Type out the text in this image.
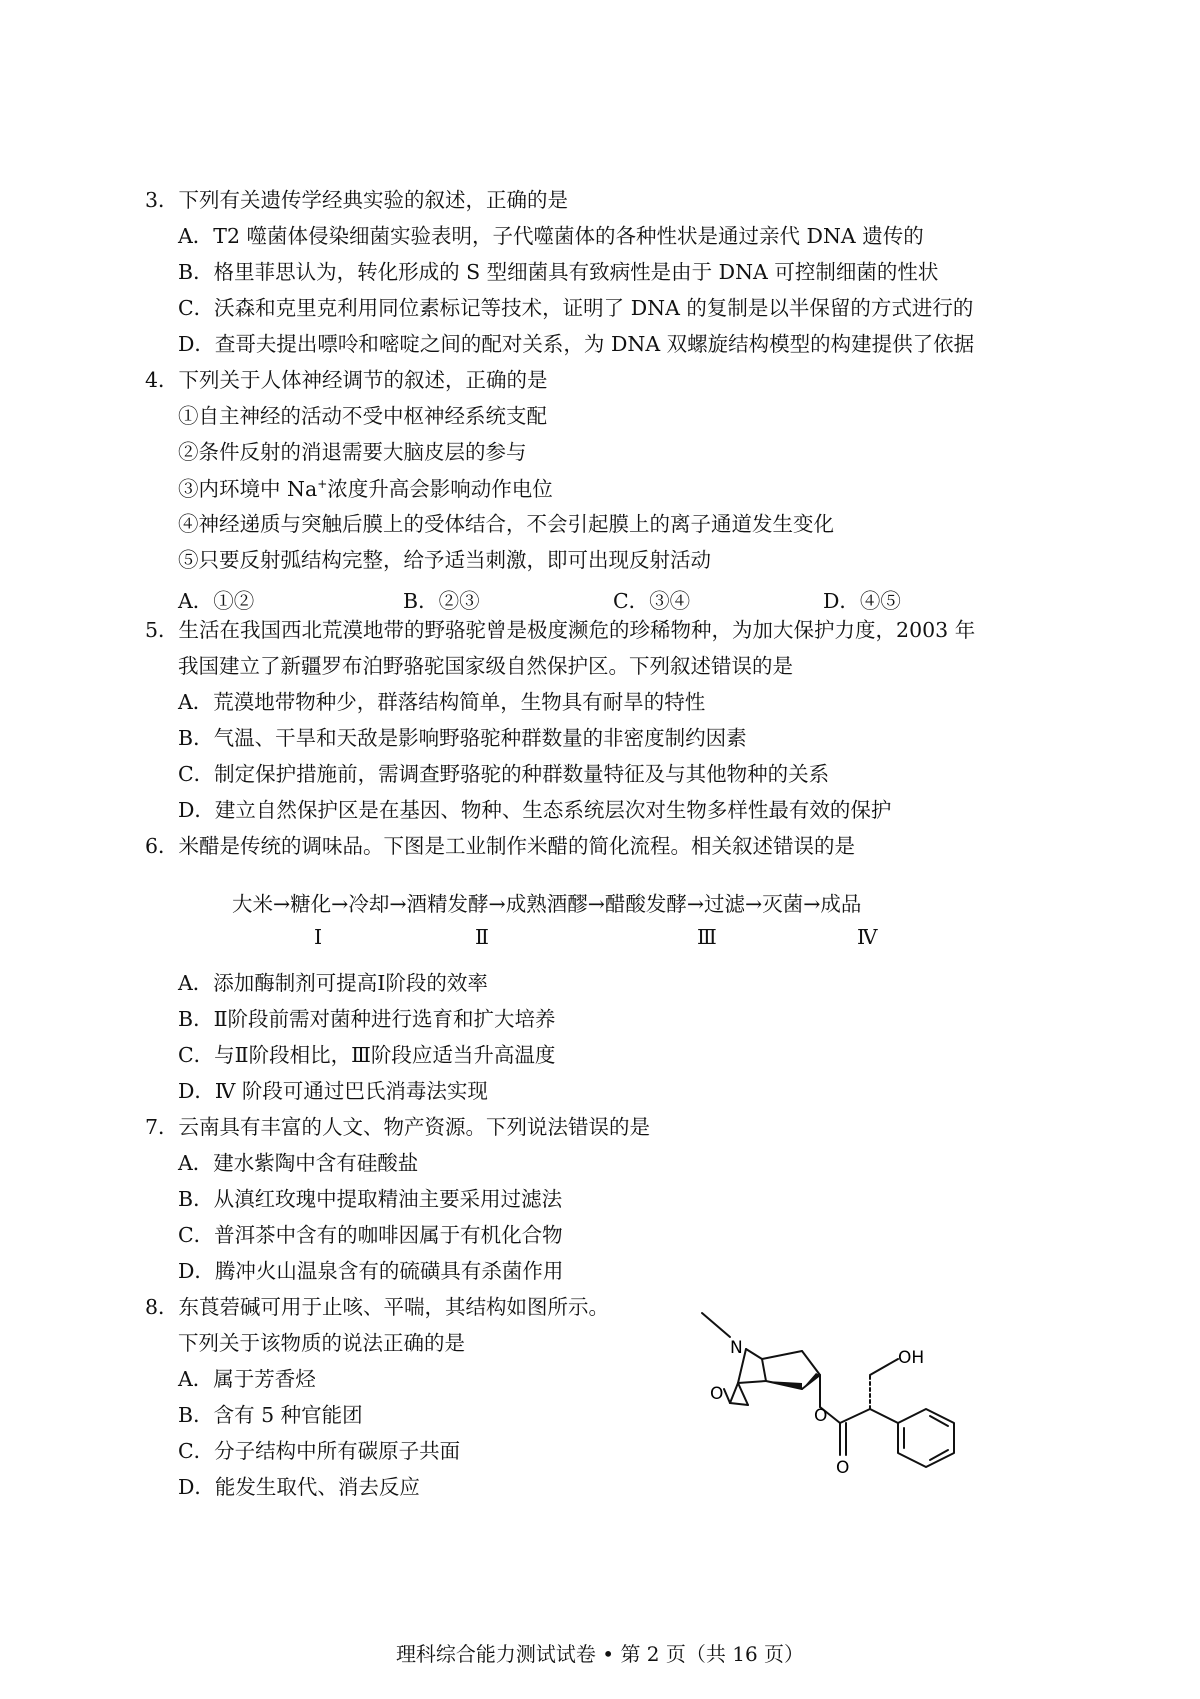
3．下列有关遗传学经典实验的叙述，正确的是
A．T2 噬菌体侵染细菌实验表明，子代噬菌体的各种性状是通过亲代 DNA 遗传的
B．格里菲思认为，转化形成的 S 型细菌具有致病性是由于 DNA 可控制细菌的性状
C．沃森和克里克利用同位素标记等技术，证明了 DNA 的复制是以半保留的方式进行的
D．查哥夫提出嘌呤和嘧啶之间的配对关系，为 DNA 双螺旋结构模型的构建提供了依据
4．下列关于人体神经调节的叙述，正确的是
①自主神经的活动不受中枢神经系统支配
②条件反射的消退需要大脑皮层的参与
③内环境中 Na+浓度升高会影响动作电位
④神经递质与突触后膜上的受体结合，不会引起膜上的离子通道发生变化
⑤只要反射弧结构完整，给予适当刺激，即可出现反射活动
A．①②	B．②③	C．③④	D．④⑤
5．生活在我国西北荒漠地带的野骆驼曾是极度濒危的珍稀物种，为加大保护力度，2003 年
我国建立了新疆罗布泊野骆驼国家级自然保护区。下列叙述错误的是
A．荒漠地带物种少，群落结构简单，生物具有耐旱的特性
B．气温、干旱和天敌是影响野骆驼种群数量的非密度制约因素
C．制定保护措施前，需调查野骆驼的种群数量特征及与其他物种的关系
D．建立自然保护区是在基因、物种、生态系统层次对生物多样性最有效的保护
6．米醋是传统的调味品。下图是工业制作米醋的简化流程。相关叙述错误的是
大米→糖化→冷却→酒精发酵→成熟酒醪→醋酸发酵→过滤→灭菌→成品
Ⅰ	Ⅱ	Ⅲ	Ⅳ
A．添加酶制剂可提高Ⅰ阶段的效率
B．Ⅱ阶段前需对菌种进行选育和扩大培养
C．与Ⅱ阶段相比，Ⅲ阶段应适当升高温度
D．Ⅳ 阶段可通过巴氏消毒法实现
7．云南具有丰富的人文、物产资源。下列说法错误的是
A．建水紫陶中含有硅酸盐
B．从滇红玫瑰中提取精油主要采用过滤法
C．普洱茶中含有的咖啡因属于有机化合物
D．腾冲火山温泉含有的硫磺具有杀菌作用
8．东莨菪碱可用于止咳、平喘，其结构如图所示。
下列关于该物质的说法正确的是
A．属于芳香烃
B．含有 5 种官能团
C．分子结构中所有碳原子共面
D．能发生取代、消去反应
N
O
O
O
OH
理科综合能力测试试卷 • 第 2 页（共 16 页）
